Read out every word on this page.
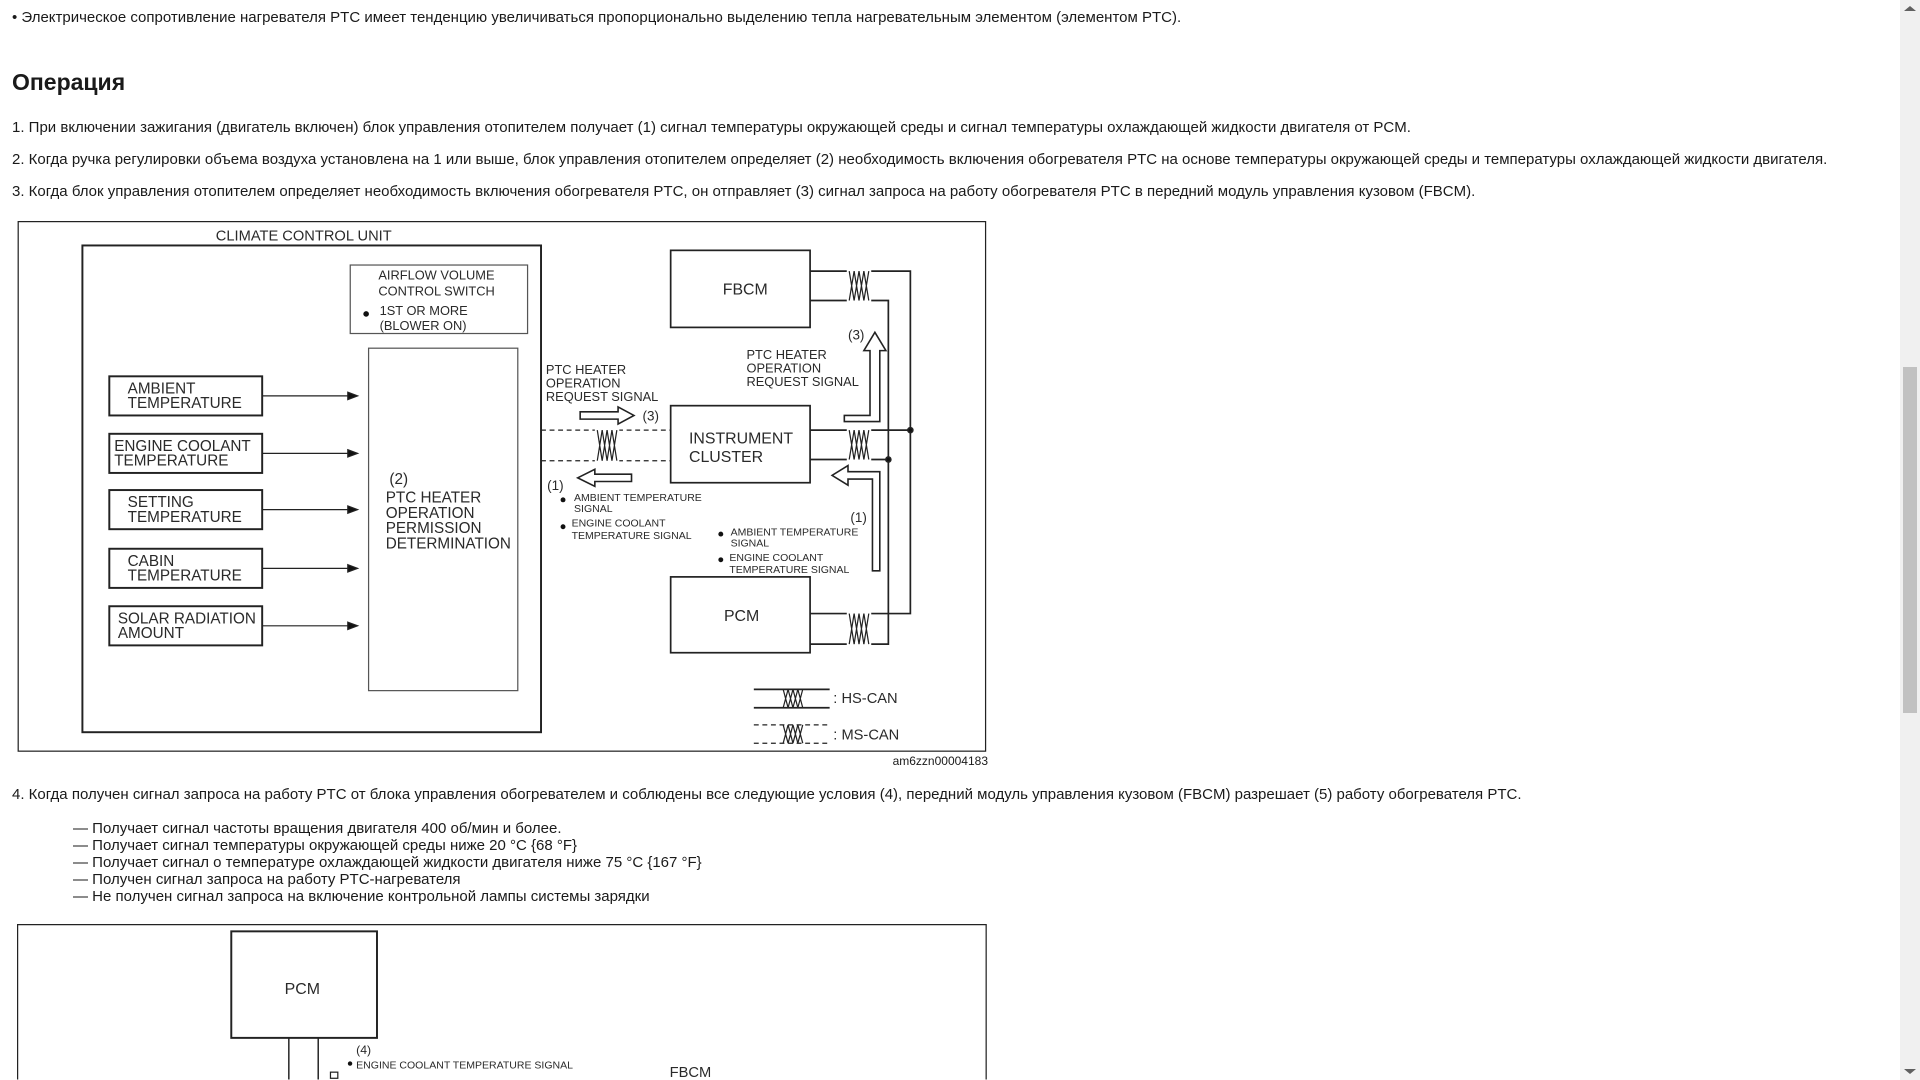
• Электрическое сопротивление нагревателя PTC имеет тенденцию увеличиваться пропорционально выделению тепла нагревательным элементом (элементом PTC).
Операция
1. При включении зажигания (двигатель включен) блок управления отопителем получает (1) сигнал температуры окружающей среды и сигнал температуры охлаждающей жидкости двигателя от PCM.
2. Когда ручка регулировки объема воздуха установлена на 1 или выше, блок управления отопителем определяет (2) необходимость включения обогревателя PTC на основе температуры окружающей среды и температуры охлаждающей жидкости двигателя.
3. Когда блок управления отопителем определяет необходимость включения обогревателя PTC, он отправляет (3) сигнал запроса на работу обогревателя PTC в передний модуль управления кузовом (FBCM).
CLIMATE CONTROL UNIT
AIRFLOW VOLUME
CONTROL SWITCH
1ST OR MORE
(BLOWER ON)
(2)
PTC HEATER
OPERATION
PERMISSION
DETERMINATION
AMBIENT
TEMPERATURE
ENGINE COOLANT
TEMPERATURE
SETTING
TEMPERATURE
CABIN
TEMPERATURE
SOLAR RADIATION
AMOUNT
FBCM
INSTRUMENT
CLUSTER
PCM
(3)
(1)
PTC HEATER
OPERATION
REQUEST SIGNAL
PTC HEATER
OPERATION
REQUEST SIGNAL
AMBIENT TEMPERATURE
SIGNAL
ENGINE COOLANT
TEMPERATURE SIGNAL	AMBIENT TEMPERATURE
SIGNAL
ENGINE COOLANT
TEMPERATURE SIGNAL
(3)
(1)
: HS-CAN
: MS-CAN
am6zzn00004183
4. Когда получен сигнал запроса на работу PTC от блока управления обогревателем и соблюдены все следующие условия (4), передний модуль управления кузовом (FBCM) разрешает (5) работу обогревателя PTC.
— Получает сигнал частоты вращения двигателя 400 об/мин и более.
— Получает сигнал температуры окружающей среды ниже 20 °C {68 °F}
— Получает сигнал о температуре охлаждающей жидкости двигателя ниже 75 °C {167 °F}
— Получен сигнал запроса на работу PTC-нагревателя
— Не получен сигнал запроса на включение контрольной лампы системы зарядки
PCM
(4)
ENGINE COOLANT TEMPERATURE SIGNAL	FBCM
